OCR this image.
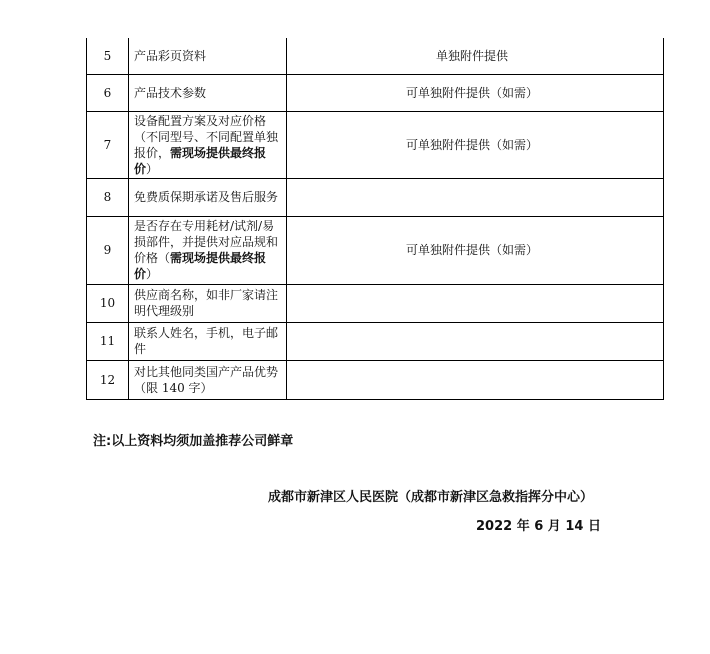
5	产品彩页资料	单独附件提供
6	产品技术参数	可单独附件提供（如需）
7	设备配置方案及对应价格（不同型号、不同配置单独报价，需现场提供最终报价）	可单独附件提供（如需）
8	免费质保期承诺及售后服务	
9	是否存在专用耗材/试剂/易损部件，并提供对应品规和价格（需现场提供最终报价）	可单独附件提供（如需）
10	供应商名称，如非厂家请注明代理级别	
11	联系人姓名，手机，电子邮件	
12	对比其他同类国产产品优势（限 140 字）	
注:以上资料均须加盖推荐公司鲜章
成都市新津区人民医院（成都市新津区急救指挥分中心）
2022 年 6 月 14 日
